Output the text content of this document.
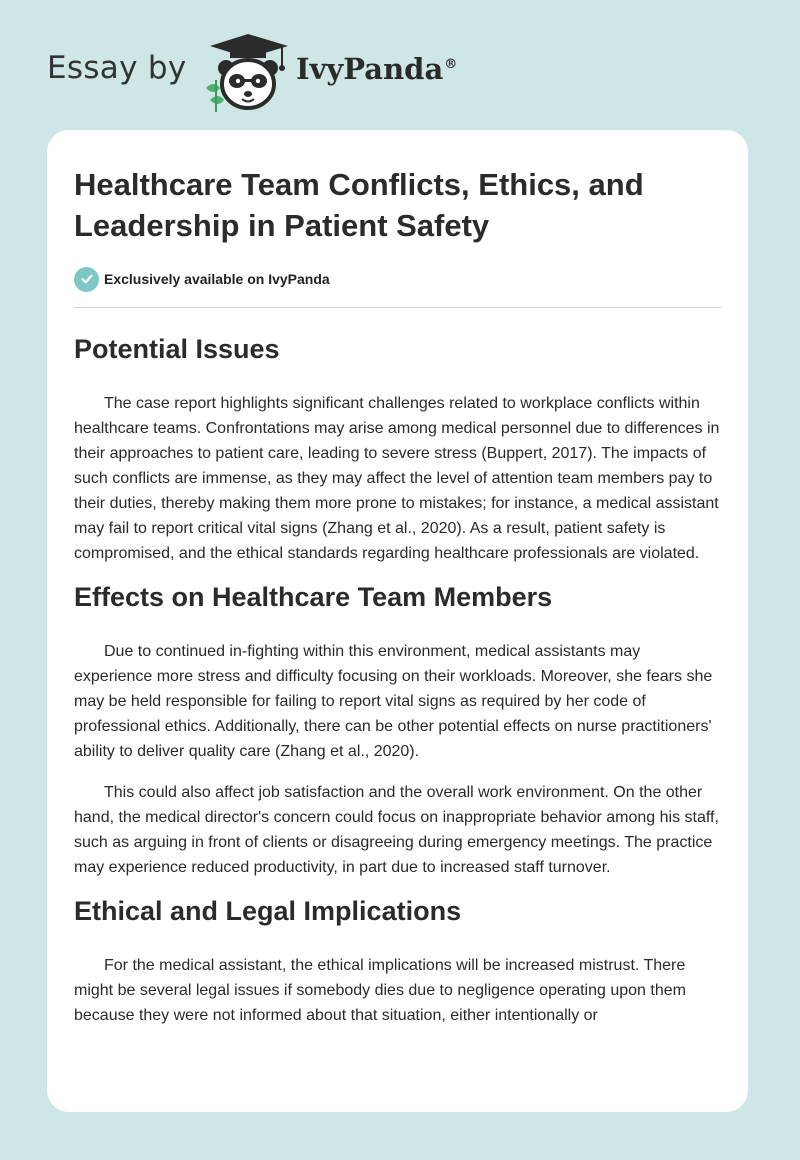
Essay by	IvyPanda®
Healthcare Team Conflicts, Ethics, and Leadership in Patient Safety
Exclusively available on IvyPanda
Potential Issues

The case report highlights significant challenges related to workplace conflicts within healthcare teams. Confrontations may arise among medical personnel due to differences in their approaches to patient care, leading to severe stress (Buppert, 2017). The impacts of such conflicts are immense, as they may affect the level of attention team members pay to their duties, thereby making them more prone to mistakes; for instance, a medical assistant may fail to report critical vital signs (Zhang et al., 2020). As a result, patient safety is compromised, and the ethical standards regarding healthcare professionals are violated.

Effects on Healthcare Team Members

Due to continued in-fighting within this environment, medical assistants may experience more stress and difficulty focusing on their workloads. Moreover, she fears she may be held responsible for failing to report vital signs as required by her code of professional ethics. Additionally, there can be other potential effects on nurse practitioners' ability to deliver quality care (Zhang et al., 2020).

This could also affect job satisfaction and the overall work environment. On the other hand, the medical director's concern could focus on inappropriate behavior among his staff, such as arguing in front of clients or disagreeing during emergency meetings. The practice may experience reduced productivity, in part due to increased staff turnover.

Ethical and Legal Implications

For the medical assistant, the ethical implications will be increased mistrust. There might be several legal issues if somebody dies due to negligence operating upon them because they were not informed about that situation, either intentionally or
